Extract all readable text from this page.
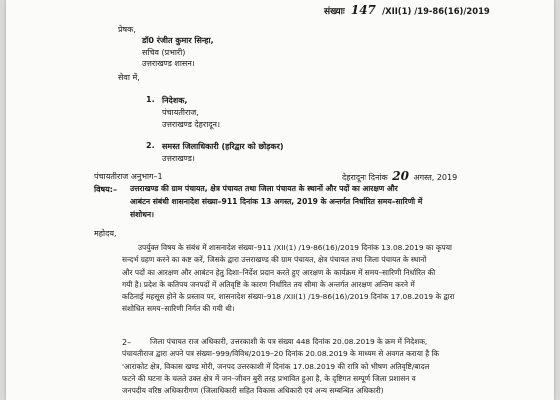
संख्याः 147 /XII(1) /19-86(16)/2019
प्रेषक,
डॉ0 रंजीत कुमार सिन्हा,
सचिव (प्रभारी)
उत्तराखण्ड शासन।
सेवा में,
1. निदेशक,
पंचायतीराज,
उत्तराखण्ड देहरादून।
2. समस्त जिलाधिकारी (हरिद्वार को छोड़कर)
उत्तराखण्ड।
पंचायतीराज अनुभाग–1	देहरादूनः दिनांक 20 अगस्त, 2019
विषय:– उत्तराखण्ड की ग्राम पंचायत, क्षेत्र पंचायत तथा जिला पंचायत के स्थानों और पदों का आरक्षण और
आबंटन संबंधी शासनादेश संख्या–911 दिनांक 13 अगस्त, 2019 के अन्तर्गत निर्धारित समय–सारिणी में
संशोधन।
महोदय,
उपर्युक्त विषय के संबंध में शासनादेश संख्या–911 /XII(1) /19-86(16)/2019 दिनांक 13.08.2019 का कृपया
सन्दर्भ ग्रहण करने का कष्ट करें, जिसके द्वारा उत्तराखण्ड की ग्राम पंचायत, क्षेत्र पंचायत तथा जिला पंचायत के स्थानों
और पदों का आरक्षण और आबंटन हेतु दिशा–निर्देश प्रदान करते हुए आरक्षण के कार्यक्रम में समय–सारिणी निर्धारित की
गयी है। प्रदेश के कतिपय जनपदों में अतिवृष्टि के कारण निर्धारित तय सीमा के अन्तर्गत आरक्षण अन्तिम करने में
कठिनाई महसूस होने के प्रस्ताव पर, शासनादेश संख्या–918 /XII(1) /19-86(16)/2019 दिनांक 17.08.2019 के द्वारा
संशोधित समय–सारिणी निर्गत की गयी थी।
2–	जिला पंचायत राज अधिकारी, उत्तरकाशी के पत्र संख्या 448 दिनांक 20.08.2019 के क्रम में निदेशक,
पंचायतीराज द्वारा अपने पत्र संख्या–999/विविध/2019–20 दिनांक 20.08.2019 के माध्यम से अवगत कराया है कि
'आराकोट क्षेत्र, विकास खण्ड मोरी, जनपद उत्तरकाशी में दिनांक 17.08.2019 की रात्रि को भीषण अतिवृष्टि/बादल
फटने की घटना के चलते उक्त क्षेत्र में जन–जीवन बुरी तरह प्रभावित हुआ है, के दृष्टिगत सम्पूर्ण जिला प्रशासन व
जनपदीय वरिष्ठ अधिकारीगण (जिलाधिकारी सहित विकास अधिकारी एवं अन्य सम्बन्धित अधिकारी)
